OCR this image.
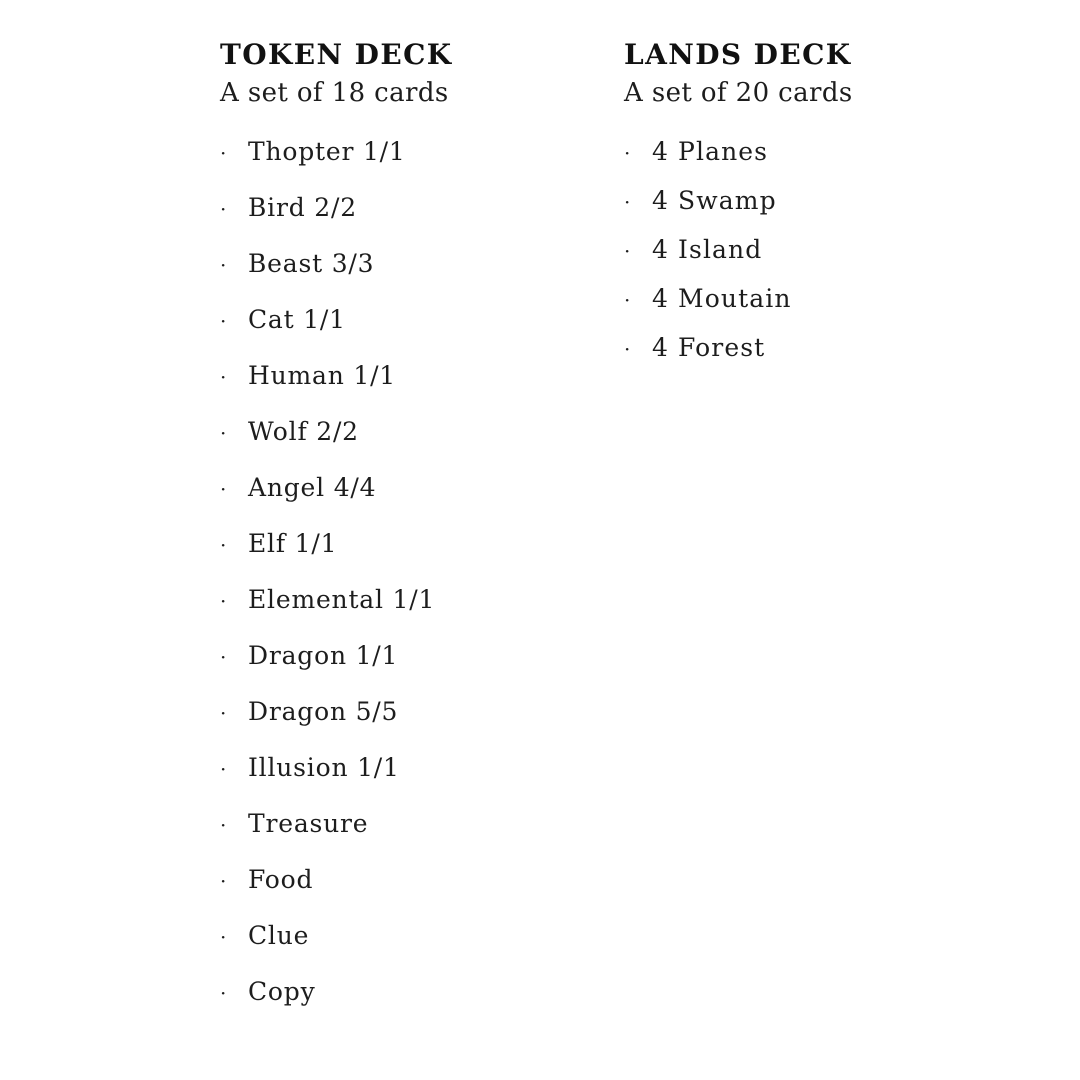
TOKEN DECK
A set of 18 cards
· Thopter 1/1
· Bird 2/2
· Beast 3/3
· Cat 1/1
· Human 1/1
· Wolf 2/2
· Angel 4/4
· Elf 1/1
· Elemental 1/1
· Dragon 1/1
· Dragon 5/5
· Illusion 1/1
· Treasure
· Food
· Clue
· Copy
LANDS DECK
A set of 20 cards
· 4 Planes
· 4 Swamp
· 4 Island
· 4 Moutain
· 4 Forest
